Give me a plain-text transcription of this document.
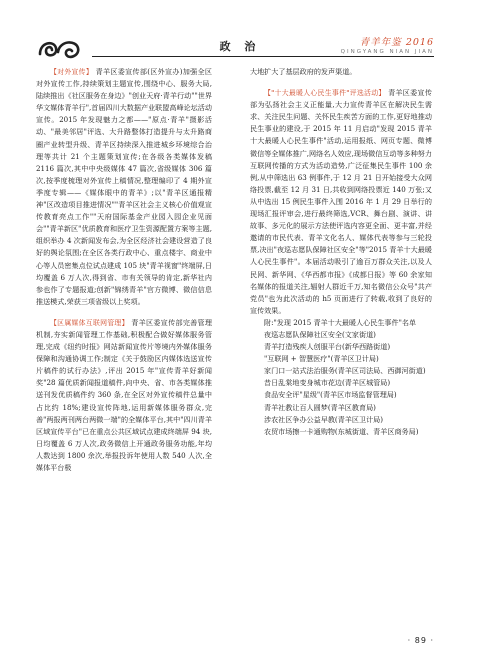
政 治	青羊年鉴 2016
QINGYANG NIAN JIAN

【对外宣传】 青羊区委宣传部(区外宣办)加强全区对外宣传工作,持续策划主题宣传,围绕中心、服务大局,陆续推出《社区服务在身边》"创业天府·青羊行动""世界华文媒体青羊行",首届四川大数据产业联盟高峰论坛活动宣传。2015 年发现魅力之都——"原点·青羊"摄影活动、"最美邻居"评选、大升路整体打造提升与太升路商圈产业转型升级、青羊区持续深入推进城乡环境综合治理等共计 21 个主题策划宣传;在各级各类媒体发稿 2116 篇次,其中中央级媒体 47 篇次,省级媒体 306 篇次,按季度梳理对外宣传上稿情况,整理编印了 4 期外宣季度专辑——《媒体眼中的青羊》;以"青羊区通报精神"区改造项目推进情况""青羊区社会主义核心价值观宣传教育亮点工作""天府国际基金产业园入园企业见面会""青羊新区"优质教育和医疗卫生资源配置方案等主题,组织举办 4 次新闻发布会,为全区经济社会建设营造了良好的舆论氛围;在全区各类行政中心、重点楼宇、商业中心等人员密集点位试点建成 105 块"青羊视窗"终端屏,日均覆盖 6 万人次,得到省、市有关领导的肯定,新华社内参也作了专题报道;创新"锦绣青羊"官方微博、微信信息推送模式,荣获三项省级以上奖项。

【区属媒体互联网管理】 青羊区委宣传部完善管理机制,夯实新闻管理工作基础,积极配合做好媒体服务管理,完成《纽约时报》网站新闻宣传片等境内外媒体服务保障和沟通协调工作;制定《关于鼓励区内媒体选送宣传片稿件的试行办法》,评出 2015 年"宣传青羊好新闻奖"28 篇优质新闻报道稿件,向中央、省、市各类媒体推送刊发优质稿件约 360 条,在全区对外宣传稿件总量中占比约 18%;建设宣传阵地,运用新媒体服务群众,完善"两报两刊两台两微一端"的全媒体平台,其中"四川青羊区域宣传平台"已在重点公共区域试点建成终端屏 94 块,日均覆盖 6 万人次,政务微信上开通政务服务功能,年均人数达到 1800 余次,举报投诉年使用人数 540 人次,全媒体平台极

大地扩大了基层政府的发声渠道。

【"十大最暖人心民生事件"评选活动】 青羊区委宣传部为弘扬社会主义正能量,大力宣传青羊区在解决民生需求、关注民生问题、关怀民生疾苦方面的工作,更好地推动民生事业的建设,于 2015 年 11 月启动"发现 2015 青羊十大最暖人心民生事件"活动,运用报纸、网页专题、微博微信等全媒体推广,网络名人效应,现场微信互动等多种努力互联网传播的方式为活动造势,广泛征集民生事件 100 余例,从中筛选出 63 例事件,于 12 月 21 日开始接受大众网络投票,截至 12 月 31 日,共收到网络投票近 140 万张;又从中选出 15 例民生事件入围 2016 年 1 月 29 日举行的现场汇报评审会,进行最终筛选,VCR、舞台剧、演讲、讲故事、多元化的展示方法使评选内容更全面、更丰富,并经邀请的市民代表、青羊文化名人、媒体代表等参与三轮投票,决出"夜巡志愿队保障社区安全"等"2015 青羊十大最暖人心民生事件"。本届活动吸引了逾百万群众关注,以及人民网、新华网、《华西都市报》《成都日报》等 60 余家知名媒体的报道关注,辐射人群近千万,知名微信公众号"共产党员"也为此次活动的 h5 页面进行了转载,收到了良好的宣传效果。

附:"发现 2015 青羊十大最暖人心民生事件"名单

夜巡志愿队保障社区安全(文家街道)

青羊打造残疾人创服平台(新华西路街道)

"互联网 + 智慧医疗"(青羊区卫计局)

家门口一站式法治服务(青羊区司法局、西御河街道)

昔日乱棠地变身城市花边(青羊区城管局)

食品安全评"星级"(青羊区市场监督管理局)

青羊社教让百人圆梦(青羊区教育局)

涉农社区争办公益早教(青羊区卫计局)

农贸市场擦一卡通购物(东城街道、青羊区商务局)

· 89 ·
